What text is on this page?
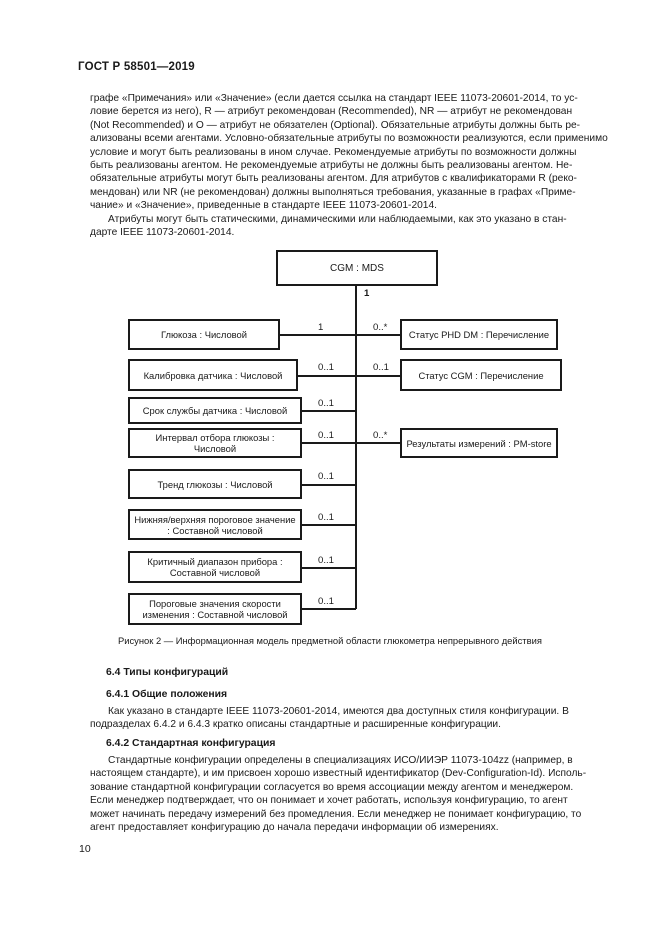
ГОСТ Р 58501—2019

графе «Примечания» или «Значение» (если дается ссылка на стандарт IEEE 11073-20601-2014, то ус-

ловие берется из него), R — атрибут рекомендован (Recommended), NR — атрибут не рекомендован

(Not Recommended) и O — атрибут не обязателен (Optional). Обязательные атрибуты должны быть ре-

ализованы всеми агентами. Условно-обязательные атрибуты по возможности реализуются, если применимо

условие и могут быть реализованы в ином случае. Рекомендуемые атрибуты по возможности должны

быть реализованы агентом. Не рекомендуемые атрибуты не должны быть реализованы агентом. Не-

обязательные атрибуты могут быть реализованы агентом. Для атрибутов с квалификаторами R (реко-

мендован) или NR (не рекомендован) должны выполняться требования, указанные в графах «Приме-

чание» и «Значение», приведенные в стандарте IEEE 11073-20601-2014.

Атрибуты могут быть статическими, динамическими или наблюдаемыми, как это указано в стан-

дарте IEEE 11073-20601-2014.

CGM : MDS
1
Глюкоза : Числовой
Калибровка датчика : Числовой
Срок службы датчика : Числовой
Интервал отбора глюкозы : Числовой
Тренд глюкозы : Числовой
Нижняя/верхняя пороговое значение : Составной числовой
Критичный диапазон прибора : Составной числовой
Пороговые значения скорости изменения : Составной числовой
1
0..1
0..1
0..1
0..1
0..1
0..1
0..1
Статус PHD DM : Перечисление
Статус CGM : Перечисление
Результаты измерений : PM-store
0..*
0..1
0..*
Рисунок 2 — Информационная модель предметной области глюкометра непрерывного действия
6.4 Типы конфигураций
6.4.1 Общие положения

Как указано в стандарте IEEE 11073-20601-2014, имеются два доступных стиля конфигурации. В

подразделах 6.4.2 и 6.4.3 кратко описаны стандартные и расширенные конфигурации.

6.4.2 Стандартная конфигурация

Стандартные конфигурации определены в специализациях ИСО/ИИЭР 11073-104zz (например, в

настоящем стандарте), и им присвоен хорошо известный идентификатор (Dev-Configuration-Id). Исполь-

зование стандартной конфигурации согласуется во время ассоциации между агентом и менеджером.

Если менеджер подтверждает, что он понимает и хочет работать, используя конфигурацию, то агент

может начинать передачу измерений без промедления. Если менеджер не понимает конфигурацию, то

агент предоставляет конфигурацию до начала передачи информации об измерениях.

10
